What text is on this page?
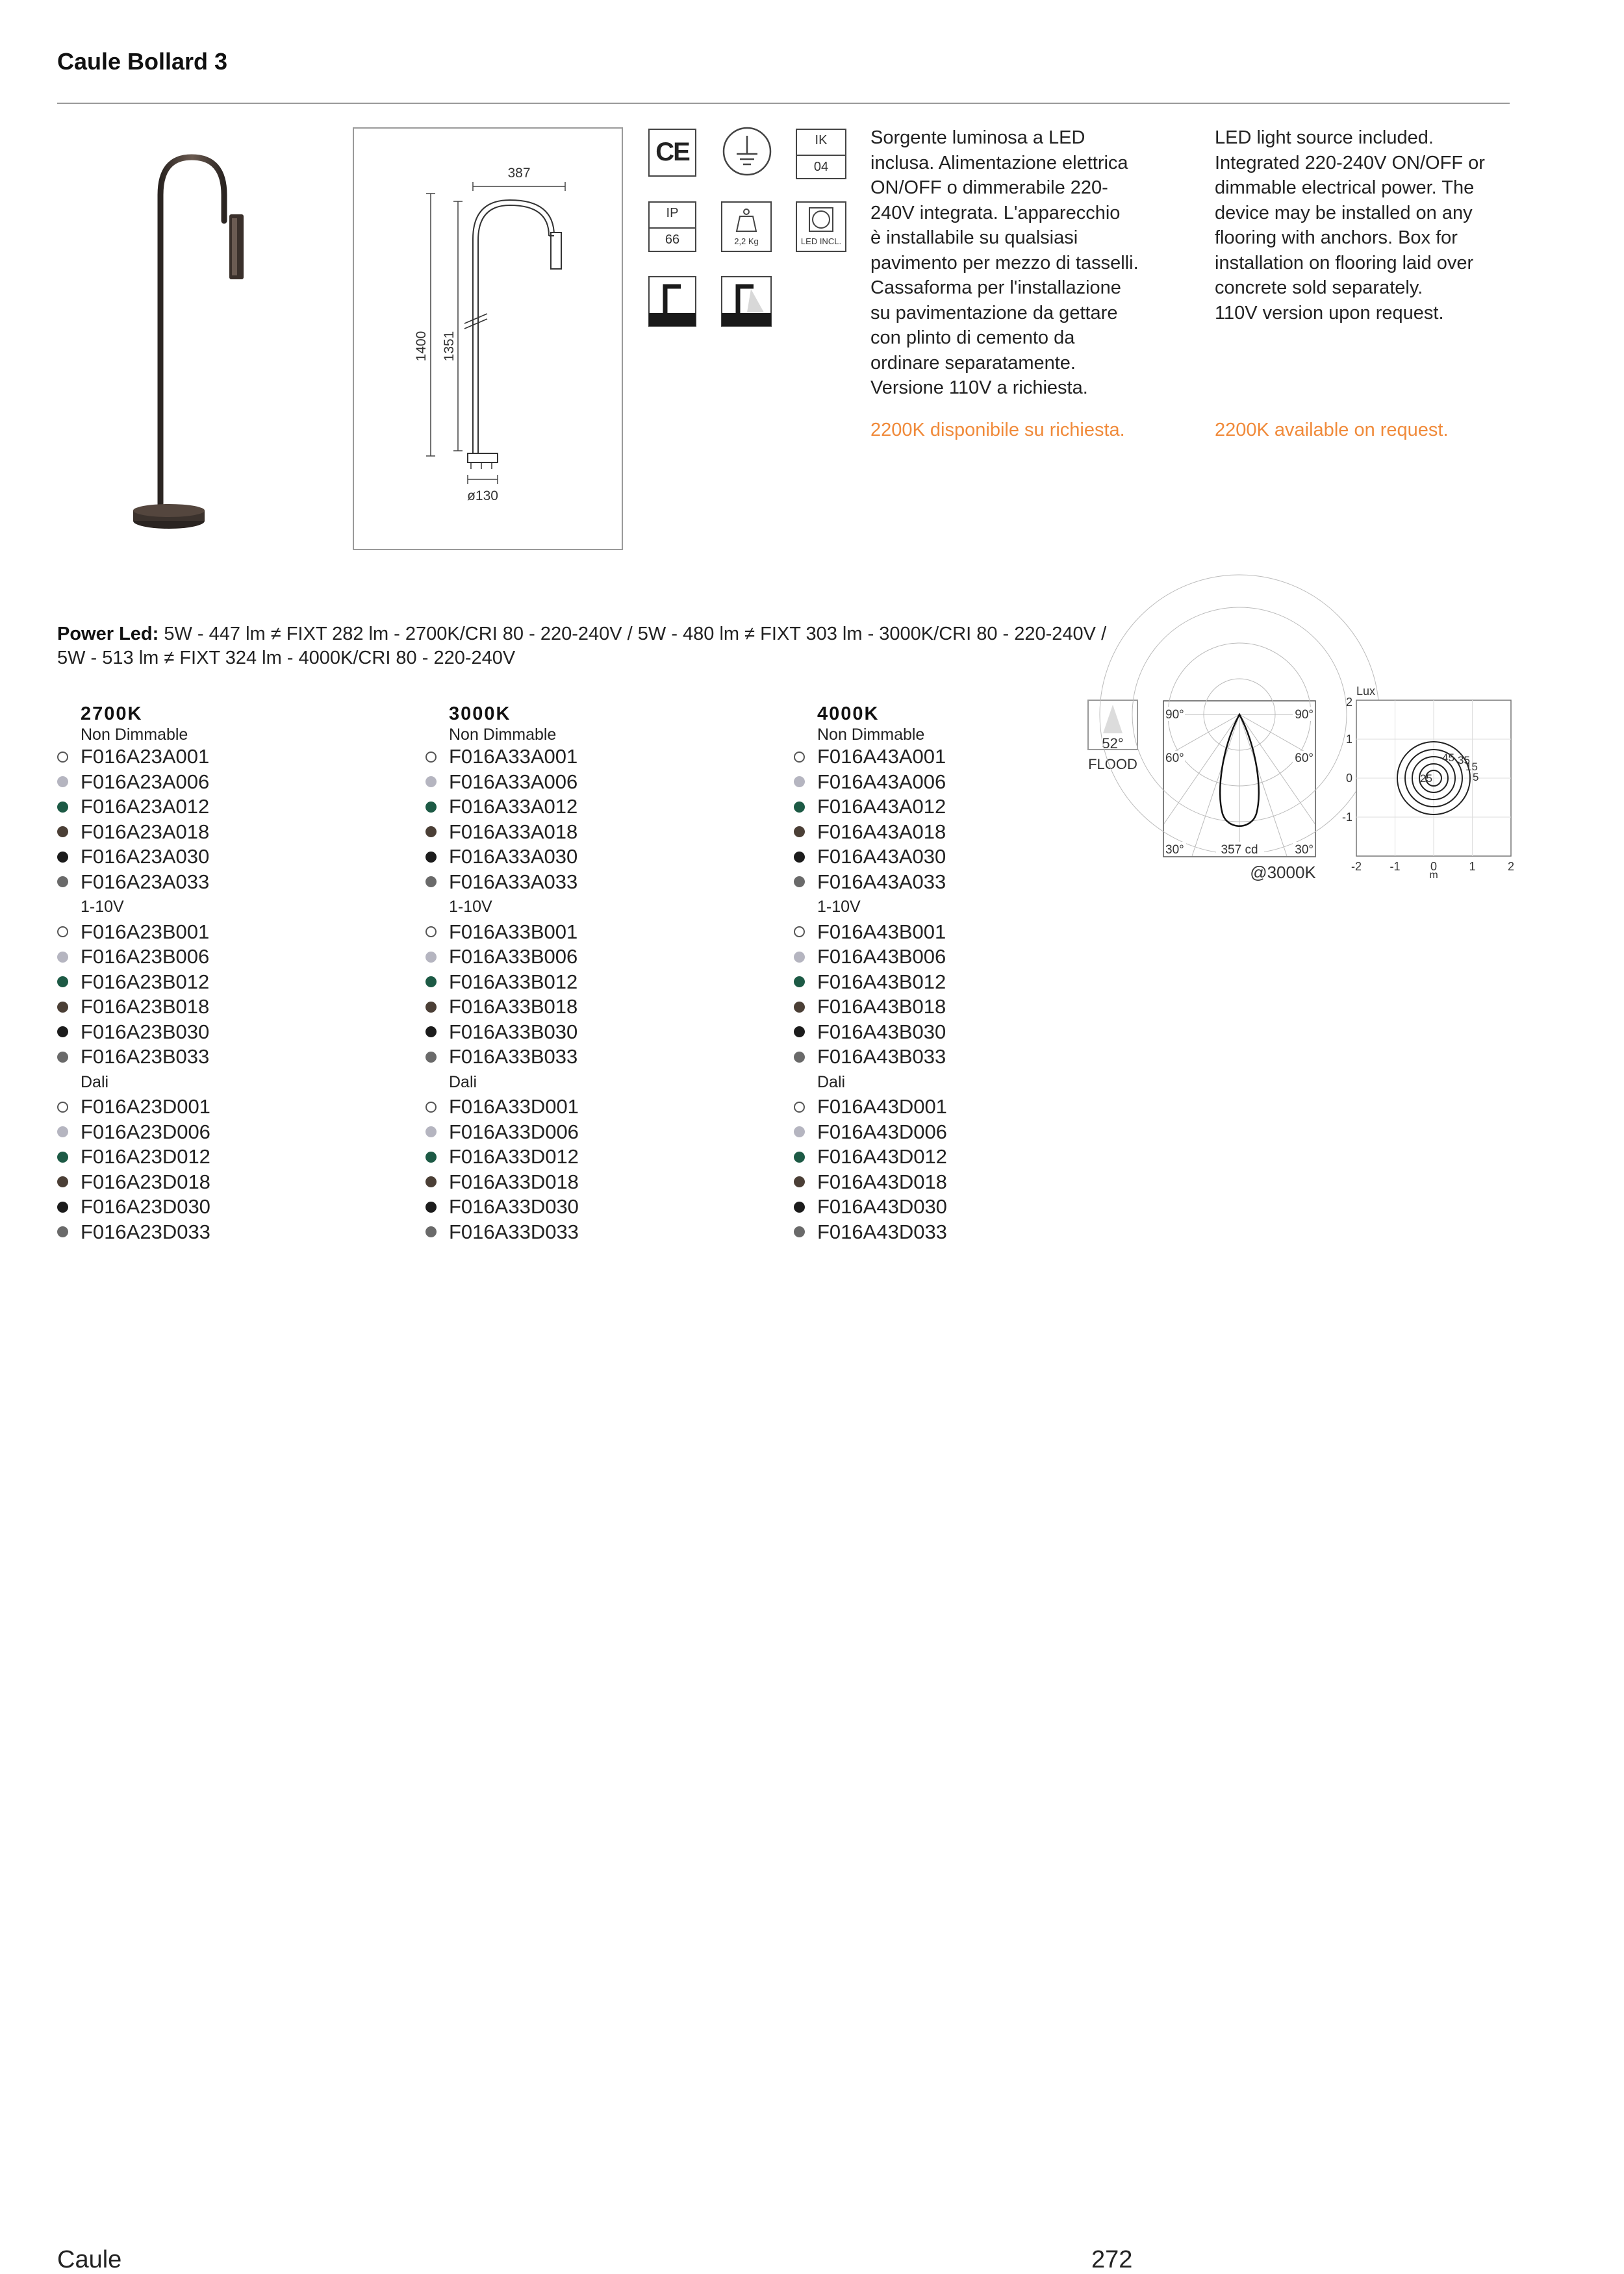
Caule Bollard 3
387
1400 1351
ø130
CE	IK
04
IP
66	2,2 Kg	LED INCL.
Sorgente luminosa a LED
inclusa. Alimentazione elettrica
ON/OFF o dimmerabile 220-
240V integrata. L'apparecchio
è installabile su qualsiasi
pavimento per mezzo di tasselli.
Cassaforma per l'installazione
su pavimentazione da gettare
con plinto di cemento da
ordinare separatamente.
Versione 110V a richiesta.
2200K disponibile su richiesta.
LED light source included.
Integrated 220-240V ON/OFF or
dimmable electrical power. The
device may be installed on any
flooring with anchors. Box for
installation on flooring laid over
concrete sold separately.
110V version upon request.
2200K available on request.
Power Led: 5W - 447 lm ≠ FIXT 282 lm - 2700K/CRI 80 - 220-240V / 5W - 480 lm ≠ FIXT 303 lm - 3000K/CRI 80 - 220-240V /
5W - 513 lm ≠ FIXT 324 lm - 4000K/CRI 80 - 220-240V
2700K
Non Dimmable
F016A23A001
F016A23A006
F016A23A012
F016A23A018
F016A23A030
F016A23A033
1-10V
F016A23B001
F016A23B006
F016A23B012
F016A23B018
F016A23B030
F016A23B033
Dali
F016A23D001
F016A23D006
F016A23D012
F016A23D018
F016A23D030
F016A23D033
3000K
Non Dimmable
F016A33A001
F016A33A006
F016A33A012
F016A33A018
F016A33A030
F016A33A033
1-10V
F016A33B001
F016A33B006
F016A33B012
F016A33B018
F016A33B030
F016A33B033
Dali
F016A33D001
F016A33D006
F016A33D012
F016A33D018
F016A33D030
F016A33D033
4000K
Non Dimmable
F016A43A001
F016A43A006
F016A43A012
F016A43A018
F016A43A030
F016A43A033
1-10V
F016A43B001
F016A43B006
F016A43B012
F016A43B018
F016A43B030
F016A43B033
Dali
F016A43D001
F016A43D006
F016A43D012
F016A43D018
F016A43D030
F016A43D033
52°
FLOOD
90°	90°
60°	60°
30°	30°
357 cd
@3000K
Lux
2
1
0
-1
-2 -1	0	1	2
m
45 35
15
5
25
Caule	272
